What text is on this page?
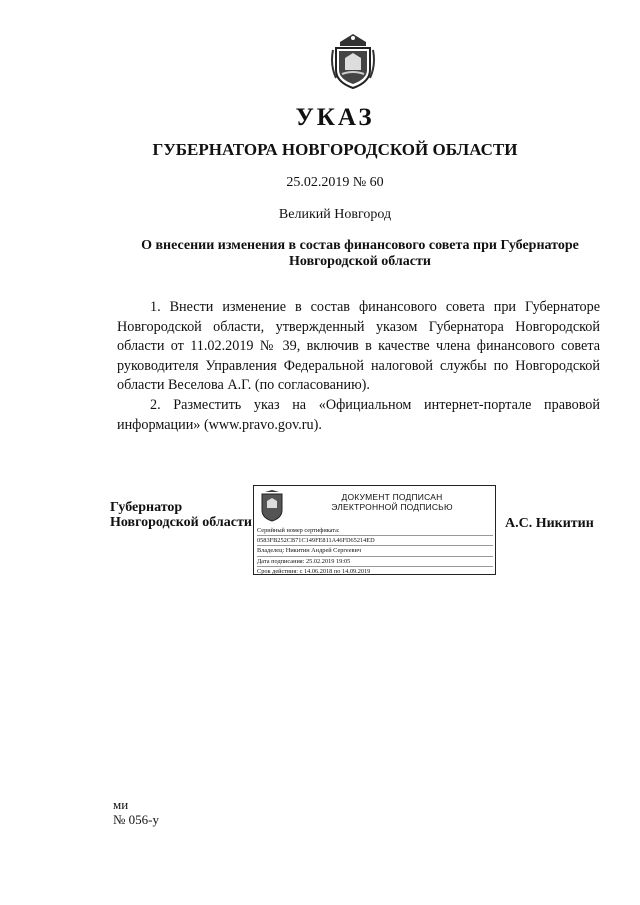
УКАЗ
ГУБЕРНАТОРА НОВГОРОДСКОЙ ОБЛАСТИ
25.02.2019 № 60
Великий Новгород
О внесении изменения в состав финансового совета при Губернаторе
Новгородской области

1. Внести изменение в состав финансового совета при Губернаторе Новгородской области, утвержденный указом Губернатора Новгородской области от 11.02.2019 № 39, включив в качестве члена финансового совета руководителя Управления Федеральной налоговой службы по Новгородской области Веселова А.Г. (по согласованию).

2. Разместить указ на «Официальном интернет-портале правовой информации» (www.pravo.gov.ru).

Губернатор
Новгородской области
ДОКУМЕНТ ПОДПИСАН
ЭЛЕКТРОННОЙ ПОДПИСЬЮ
Серийный номер сертификата:
0583FB252CB71C149FE811A46FD65214ED
Владелец: Никитин Андрей Сергеевич
Дата подписания: 25.02.2019 19:05
Срок действия: с 14.06.2018 по 14.09.2019
А.С. Никитин
ми
№ 056-у
